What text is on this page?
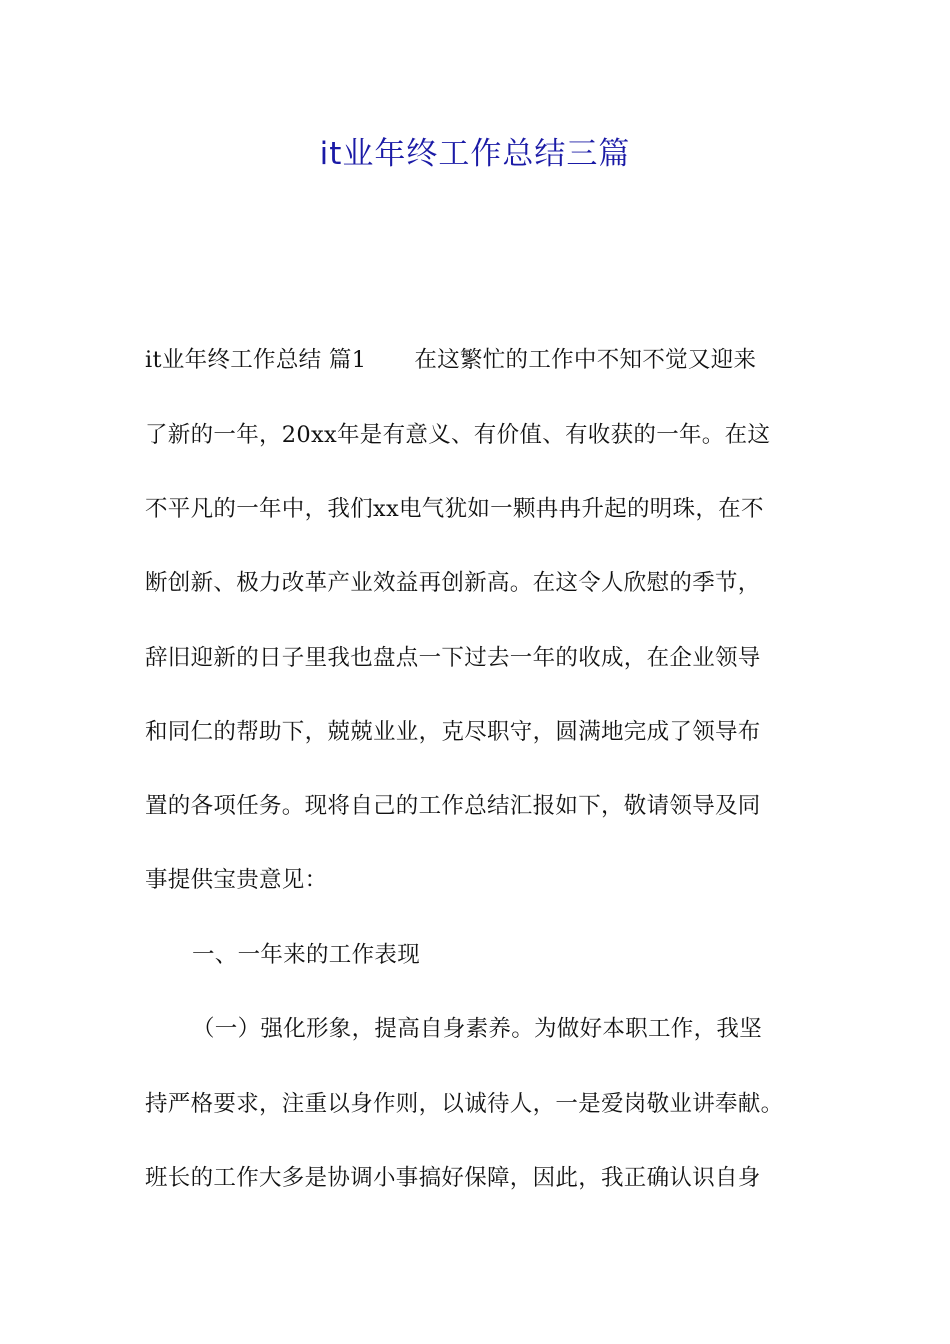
it业年终工作总结三篇
it业年终工作总结 篇1 在这繁忙的工作中不知不觉又迎来
了新的一年，20xx年是有意义、有价值、有收获的一年。在这
不平凡的一年中，我们xx电气犹如一颗冉冉升起的明珠，在不
断创新、极力改革产业效益再创新高。在这令人欣慰的季节，
辞旧迎新的日子里我也盘点一下过去一年的收成，在企业领导
和同仁的帮助下，兢兢业业，克尽职守，圆满地完成了领导布
置的各项任务。现将自己的工作总结汇报如下，敬请领导及同
事提供宝贵意见：
一、一年来的工作表现
（一）强化形象，提高自身素养。为做好本职工作，我坚
持严格要求，注重以身作则，以诚待人，一是爱岗敬业讲奉献。
班长的工作大多是协调小事搞好保障，因此，我正确认识自身
